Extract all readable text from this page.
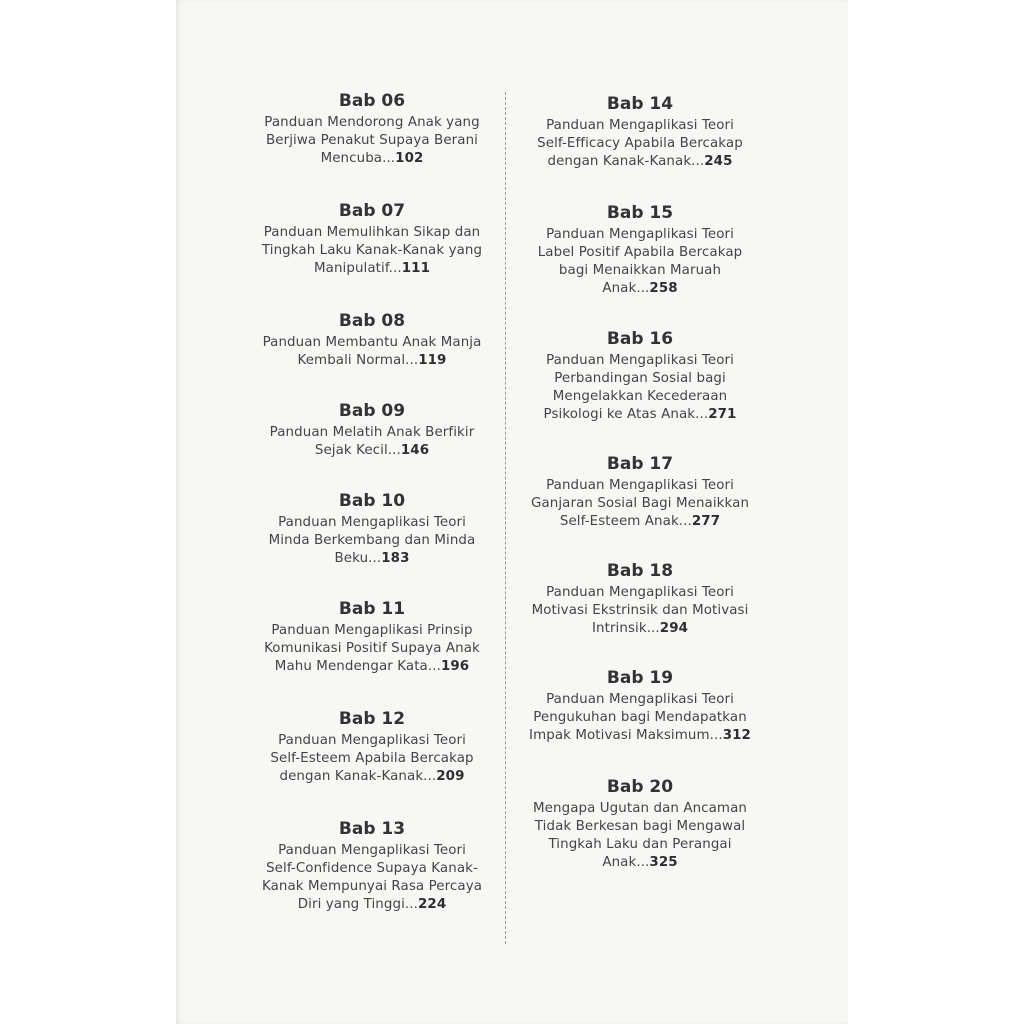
Bab 06
Panduan Mendorong Anak yang
Berjiwa Penakut Supaya Berani
Mencuba...102
Bab 07
Panduan Memulihkan Sikap dan
Tingkah Laku Kanak-Kanak yang
Manipulatif...111
Bab 08
Panduan Membantu Anak Manja
Kembali Normal...119
Bab 09
Panduan Melatih Anak Berfikir
Sejak Kecil...146
Bab 10
Panduan Mengaplikasi Teori
Minda Berkembang dan Minda
Beku...183
Bab 11
Panduan Mengaplikasi Prinsip
Komunikasi Positif Supaya Anak
Mahu Mendengar Kata...196
Bab 12
Panduan Mengaplikasi Teori
Self-Esteem Apabila Bercakap
dengan Kanak-Kanak...209
Bab 13
Panduan Mengaplikasi Teori
Self-Confidence Supaya Kanak-
Kanak Mempunyai Rasa Percaya
Diri yang Tinggi...224
Bab 14
Panduan Mengaplikasi Teori
Self-Efficacy Apabila Bercakap
dengan Kanak-Kanak...245
Bab 15
Panduan Mengaplikasi Teori
Label Positif Apabila Bercakap
bagi Menaikkan Maruah
Anak...258
Bab 16
Panduan Mengaplikasi Teori
Perbandingan Sosial bagi
Mengelakkan Kecederaan
Psikologi ke Atas Anak...271
Bab 17
Panduan Mengaplikasi Teori
Ganjaran Sosial Bagi Menaikkan
Self-Esteem Anak...277
Bab 18
Panduan Mengaplikasi Teori
Motivasi Ekstrinsik dan Motivasi
Intrinsik...294
Bab 19
Panduan Mengaplikasi Teori
Pengukuhan bagi Mendapatkan
Impak Motivasi Maksimum...312
Bab 20
Mengapa Ugutan dan Ancaman
Tidak Berkesan bagi Mengawal
Tingkah Laku dan Perangai
Anak...325
